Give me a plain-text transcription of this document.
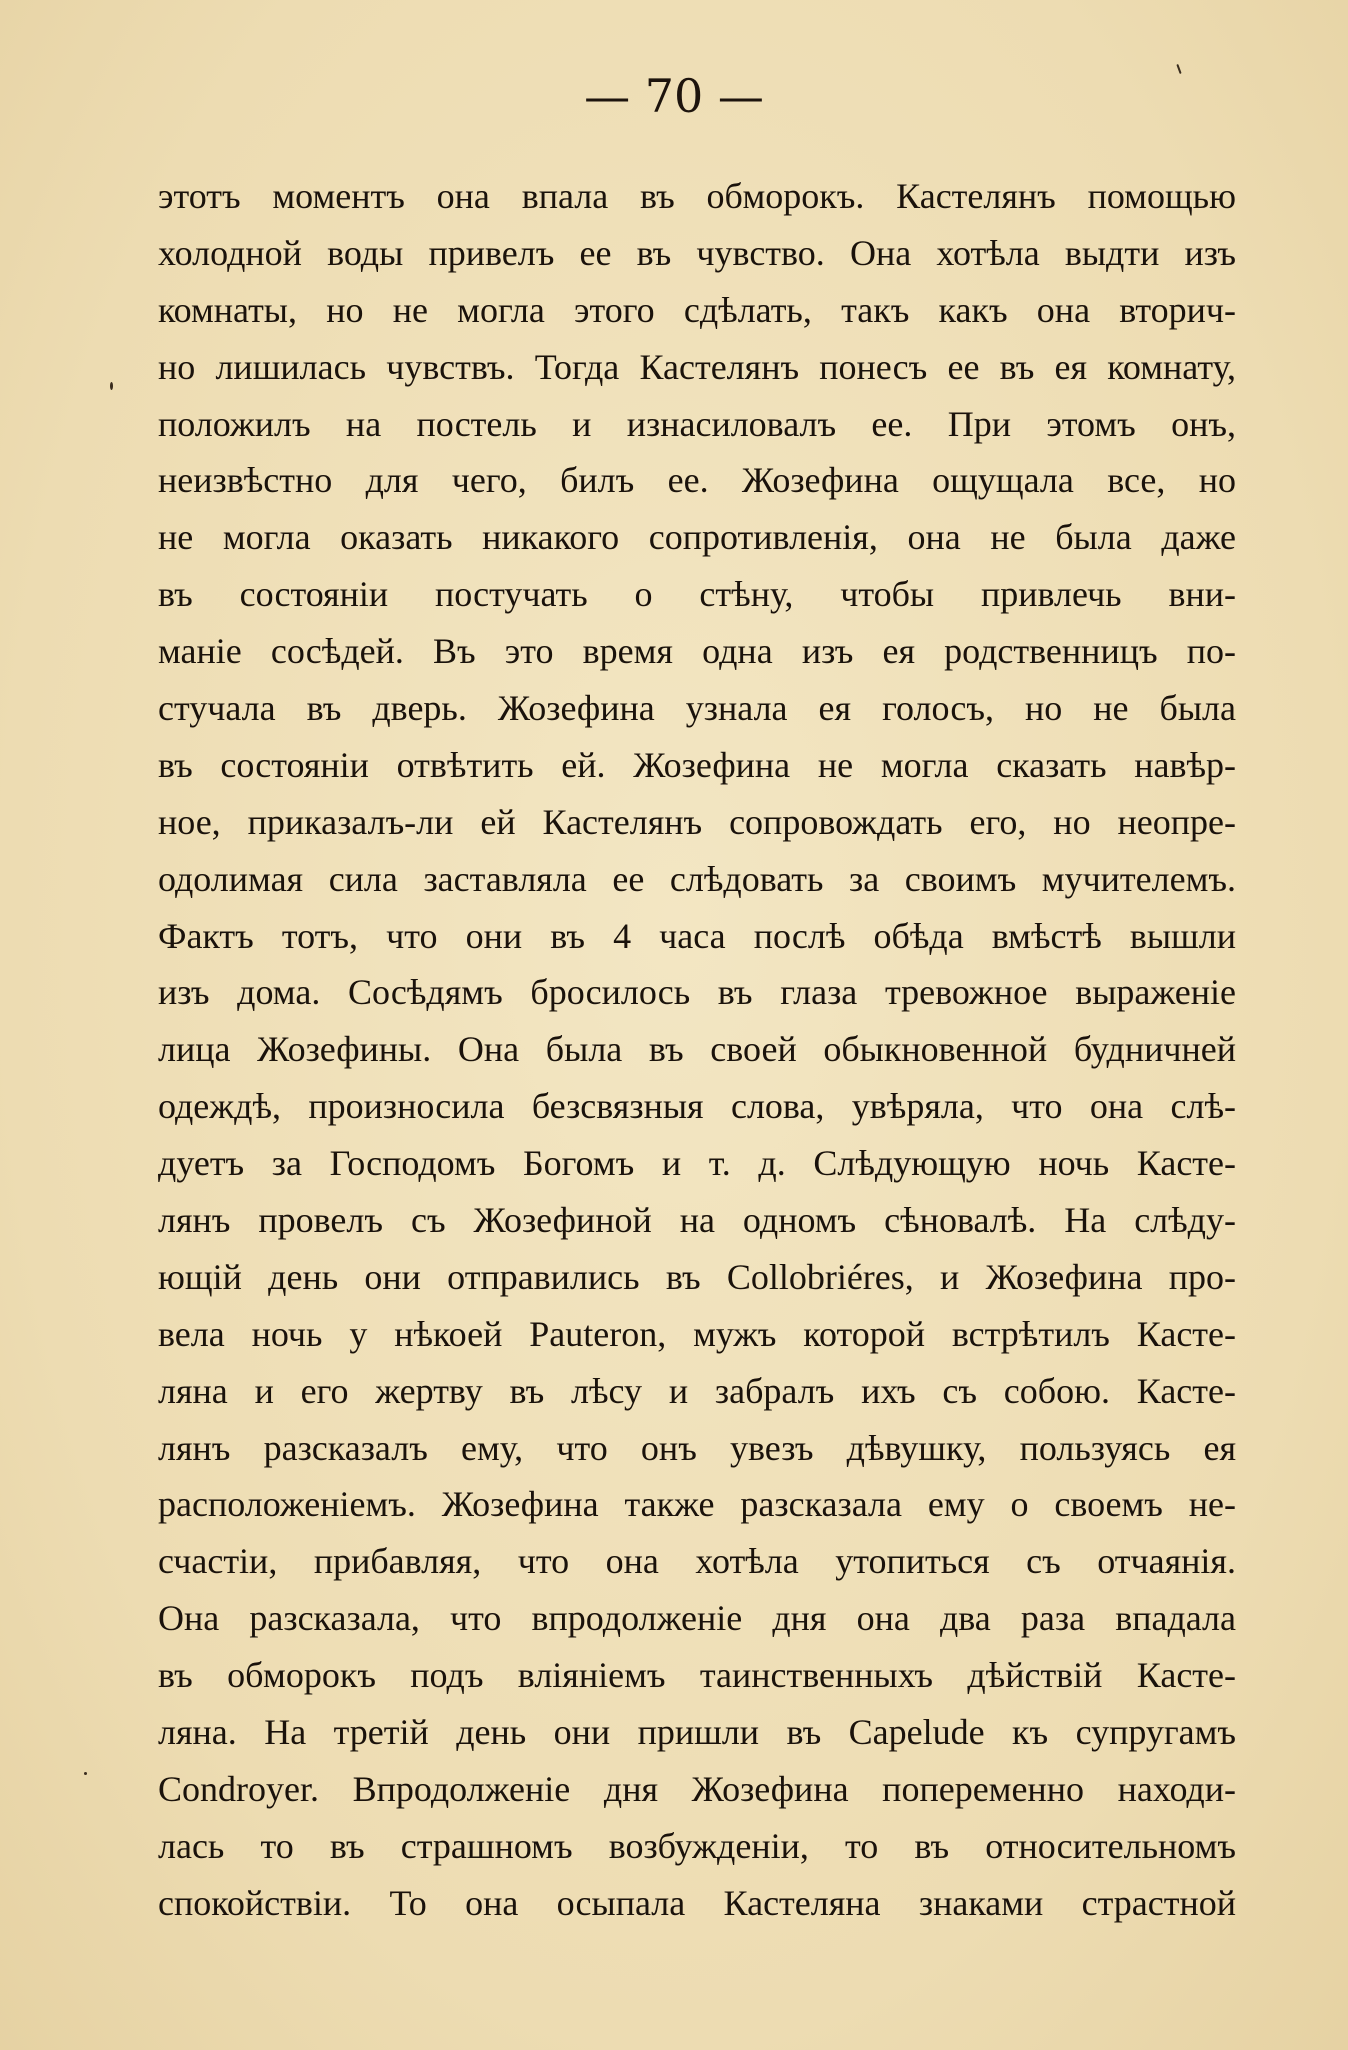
— 70 —
этотъ моментъ она впала въ обморокъ. Кастелянъ помощью
холодной воды привелъ ее въ чувство. Она хотѣла выдти изъ
комнаты, но не могла этого сдѣлать, такъ какъ она вторич-
но лишилась чувствъ. Тогда Кастелянъ понесъ ее въ ея комнату,
положилъ на постель и изнасиловалъ ее. При этомъ онъ,
неизвѣстно для чего, билъ ее. Жозефина ощущала все, но
не могла оказать никакого сопротивленія, она не была даже
въ состояніи постучать о стѣну, чтобы привлечь вни-
маніе сосѣдей. Въ это время одна изъ ея родственницъ по-
стучала въ дверь. Жозефина узнала ея голосъ, но не была
въ состояніи отвѣтить ей. Жозефина не могла сказать навѣр-
ное, приказалъ-ли ей Кастелянъ сопровождать его, но неопре-
одолимая сила заставляла ее слѣдовать за своимъ мучителемъ.
Фактъ тотъ, что они въ 4 часа послѣ обѣда вмѣстѣ вышли
изъ дома. Сосѣдямъ бросилось въ глаза тревожное выраженіе
лица Жозефины. Она была въ своей обыкновенной будничней
одеждѣ, произносила безсвязныя слова, увѣряла, что она слѣ-
дуетъ за Господомъ Богомъ и т. д. Слѣдующую ночь Касте-
лянъ провелъ съ Жозефиной на одномъ сѣновалѣ. На слѣду-
ющій день они отправились въ Collobriéres, и Жозефина про-
вела ночь у нѣкоей Pauteron, мужъ которой встрѣтилъ Касте-
ляна и его жертву въ лѣсу и забралъ ихъ съ собою. Касте-
лянъ разсказалъ ему, что онъ увезъ дѣвушку, пользуясь ея
расположеніемъ. Жозефина также разсказала ему о своемъ не-
счастіи, прибавляя, что она хотѣла утопиться съ отчаянія.
Она разсказала, что впродолженіе дня она два раза впадала
въ обморокъ подъ вліяніемъ таинственныхъ дѣйствій Касте-
ляна. На третій день они пришли въ Capelude къ супругамъ
Condroyer. Впродолженіе дня Жозефина попеременно находи-
лась то въ страшномъ возбужденіи, то въ относительномъ
спокойствіи. То она осыпала Кастеляна знаками страстной
